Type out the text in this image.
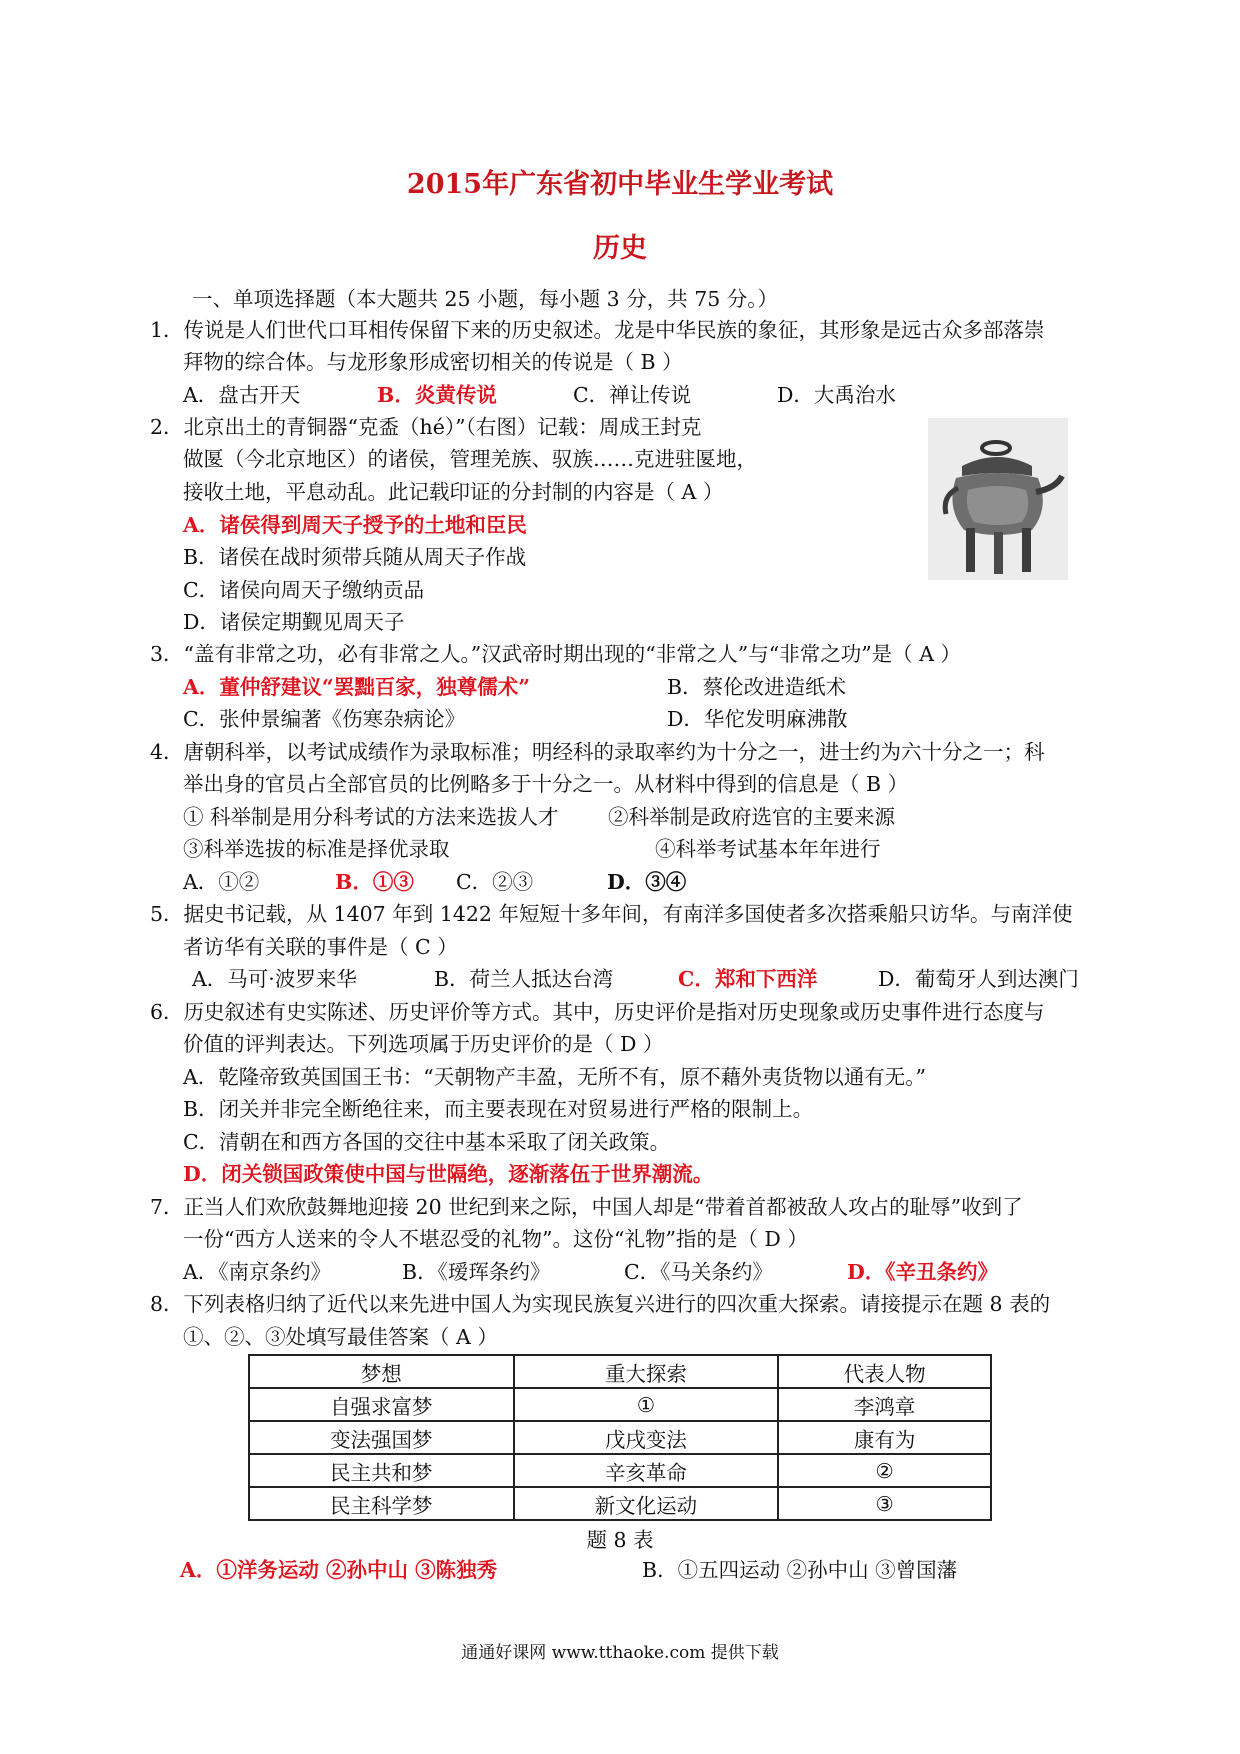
2015年广东省初中毕业生学业考试
历史
一、单项选择题（本大题共 25 小题，每小题 3 分，共 75 分。）
1．传说是人们世代口耳相传保留下来的历史叙述。龙是中华民族的象征，其形象是远古众多部落崇
拜物的综合体。与龙形象形成密切相关的传说是（ B ）
A．盘古开天	B．炎黄传说	C．禅让传说	D．大禹治水
2．北京出土的青铜器“克盉（hé）”（右图）记载：周成王封克
做匽（今北京地区）的诸侯，管理羌族、驭族……克进驻匽地，
接收土地，平息动乱。此记载印证的分封制的内容是（ A ）
A．诸侯得到周天子授予的土地和臣民
B．诸侯在战时须带兵随从周天子作战
C．诸侯向周天子缴纳贡品
D．诸侯定期觐见周天子
3．“盖有非常之功，必有非常之人。”汉武帝时期出现的“非常之人”与“非常之功”是（ A ）
A．董仲舒建议“罢黜百家，独尊儒术”	B．蔡伦改进造纸术
C．张仲景编著《伤寒杂病论》	D．华佗发明麻沸散
4．唐朝科举，以考试成绩作为录取标准；明经科的录取率约为十分之一，进士约为六十分之一；科
举出身的官员占全部官员的比例略多于十分之一。从材料中得到的信息是（ B ）
① 科举制是用分科考试的方法来选拔人才 ②科举制是政府选官的主要来源
③科举选拔的标准是择优录取	④科举考试基本年年进行
A．①②	B．①③ C．②③	D．③④
5．据史书记载，从 1407 年到 1422 年短短十多年间，有南洋多国使者多次搭乘船只访华。与南洋使
者访华有关联的事件是（ C ）
A．马可·波罗来华	B．荷兰人抵达台湾	C．郑和下西洋	D．葡萄牙人到达澳门
6．历史叙述有史实陈述、历史评价等方式。其中，历史评价是指对历史现象或历史事件进行态度与
价值的评判表达。下列选项属于历史评价的是（ D ）
A．乾隆帝致英国国王书：“天朝物产丰盈，无所不有，原不藉外夷货物以通有无。”
B．闭关并非完全断绝往来，而主要表现在对贸易进行严格的限制上。
C．清朝在和西方各国的交往中基本采取了闭关政策。
D．闭关锁国政策使中国与世隔绝，逐渐落伍于世界潮流。
7．正当人们欢欣鼓舞地迎接 20 世纪到来之际，中国人却是“带着首都被敌人攻占的耻辱”收到了
一份“西方人送来的令人不堪忍受的礼物”。这份“礼物”指的是（ D ）
A．《南京条约》	B．《瑷珲条约》	C．《马关条约》	D．《辛丑条约》
8．下列表格归纳了近代以来先进中国人为实现民族复兴进行的四次重大探索。请接提示在题 8 表的
①、②、③处填写最佳答案（ A ）
梦想	重大探索	代表人物
自强求富梦	①	李鸿章
变法强国梦	戊戌变法	康有为
民主共和梦	辛亥革命	②
民主科学梦	新文化运动	③
题 8 表
A．①洋务运动 ②孙中山 ③陈独秀	B．①五四运动 ②孙中山 ③曾国藩
通通好课网 www.tthaoke.com 提供下载
